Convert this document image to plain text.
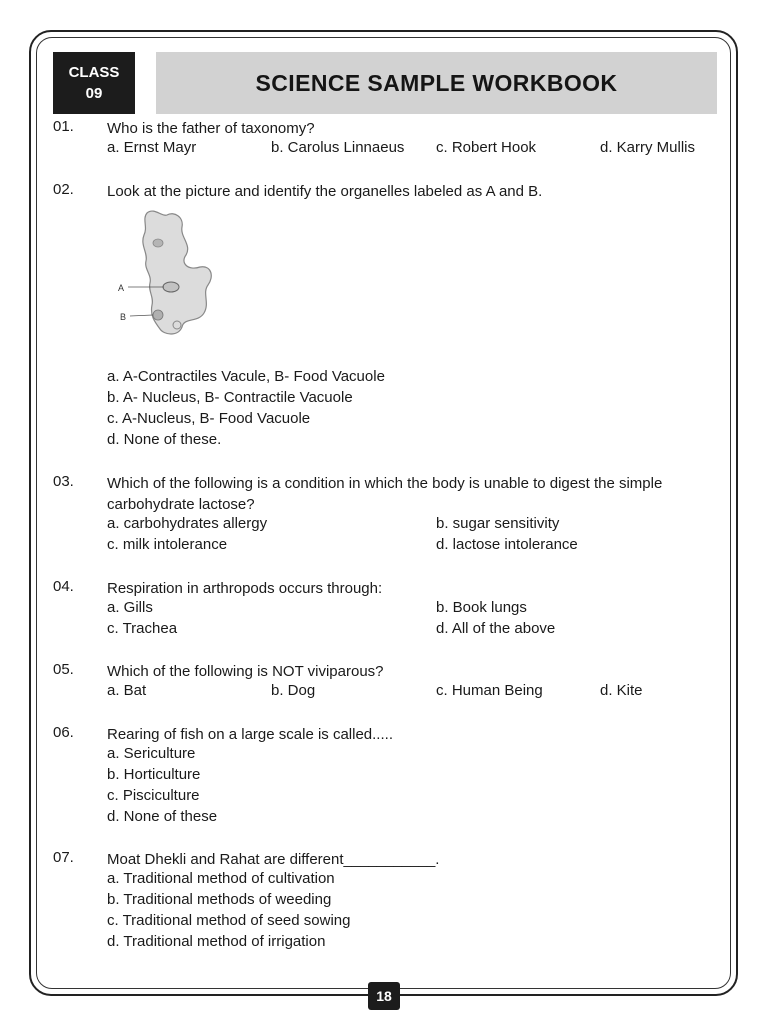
CLASS
09	SCIENCE SAMPLE WORKBOOK
01. Who is the father of taxonomy?
a. Ernst Mayr	b. Carolus Linnaeus c. Robert Hook	d. Karry Mullis
02. Look at the picture and identify the organelles labeled as A and B.
A
B
a. A-Contractiles Vacule, B- Food Vacuole
b. A- Nucleus, B- Contractile Vacuole
c. A-Nucleus, B- Food Vacuole
d. None of these.
03. Which of the following is a condition in which the body is unable to digest the simple carbohydrate lactose?
a. carbohydrates allergy	b. sugar sensitivity
c. milk intolerance	d. lactose intolerance
04. Respiration in arthropods occurs through:
a. Gills	b. Book lungs
c. Trachea	d. All of the above
05. Which of the following is NOT viviparous?
a. Bat	b. Dog	c. Human Being	d. Kite
06. Rearing of fish on a large scale is called.....
a. Sericulture
b. Horticulture
c. Pisciculture
d. None of these
07. Moat Dhekli and Rahat are different___________.
a. Traditional method of cultivation
b. Traditional methods of weeding
c. Traditional method of seed sowing
d. Traditional method of irrigation
18
